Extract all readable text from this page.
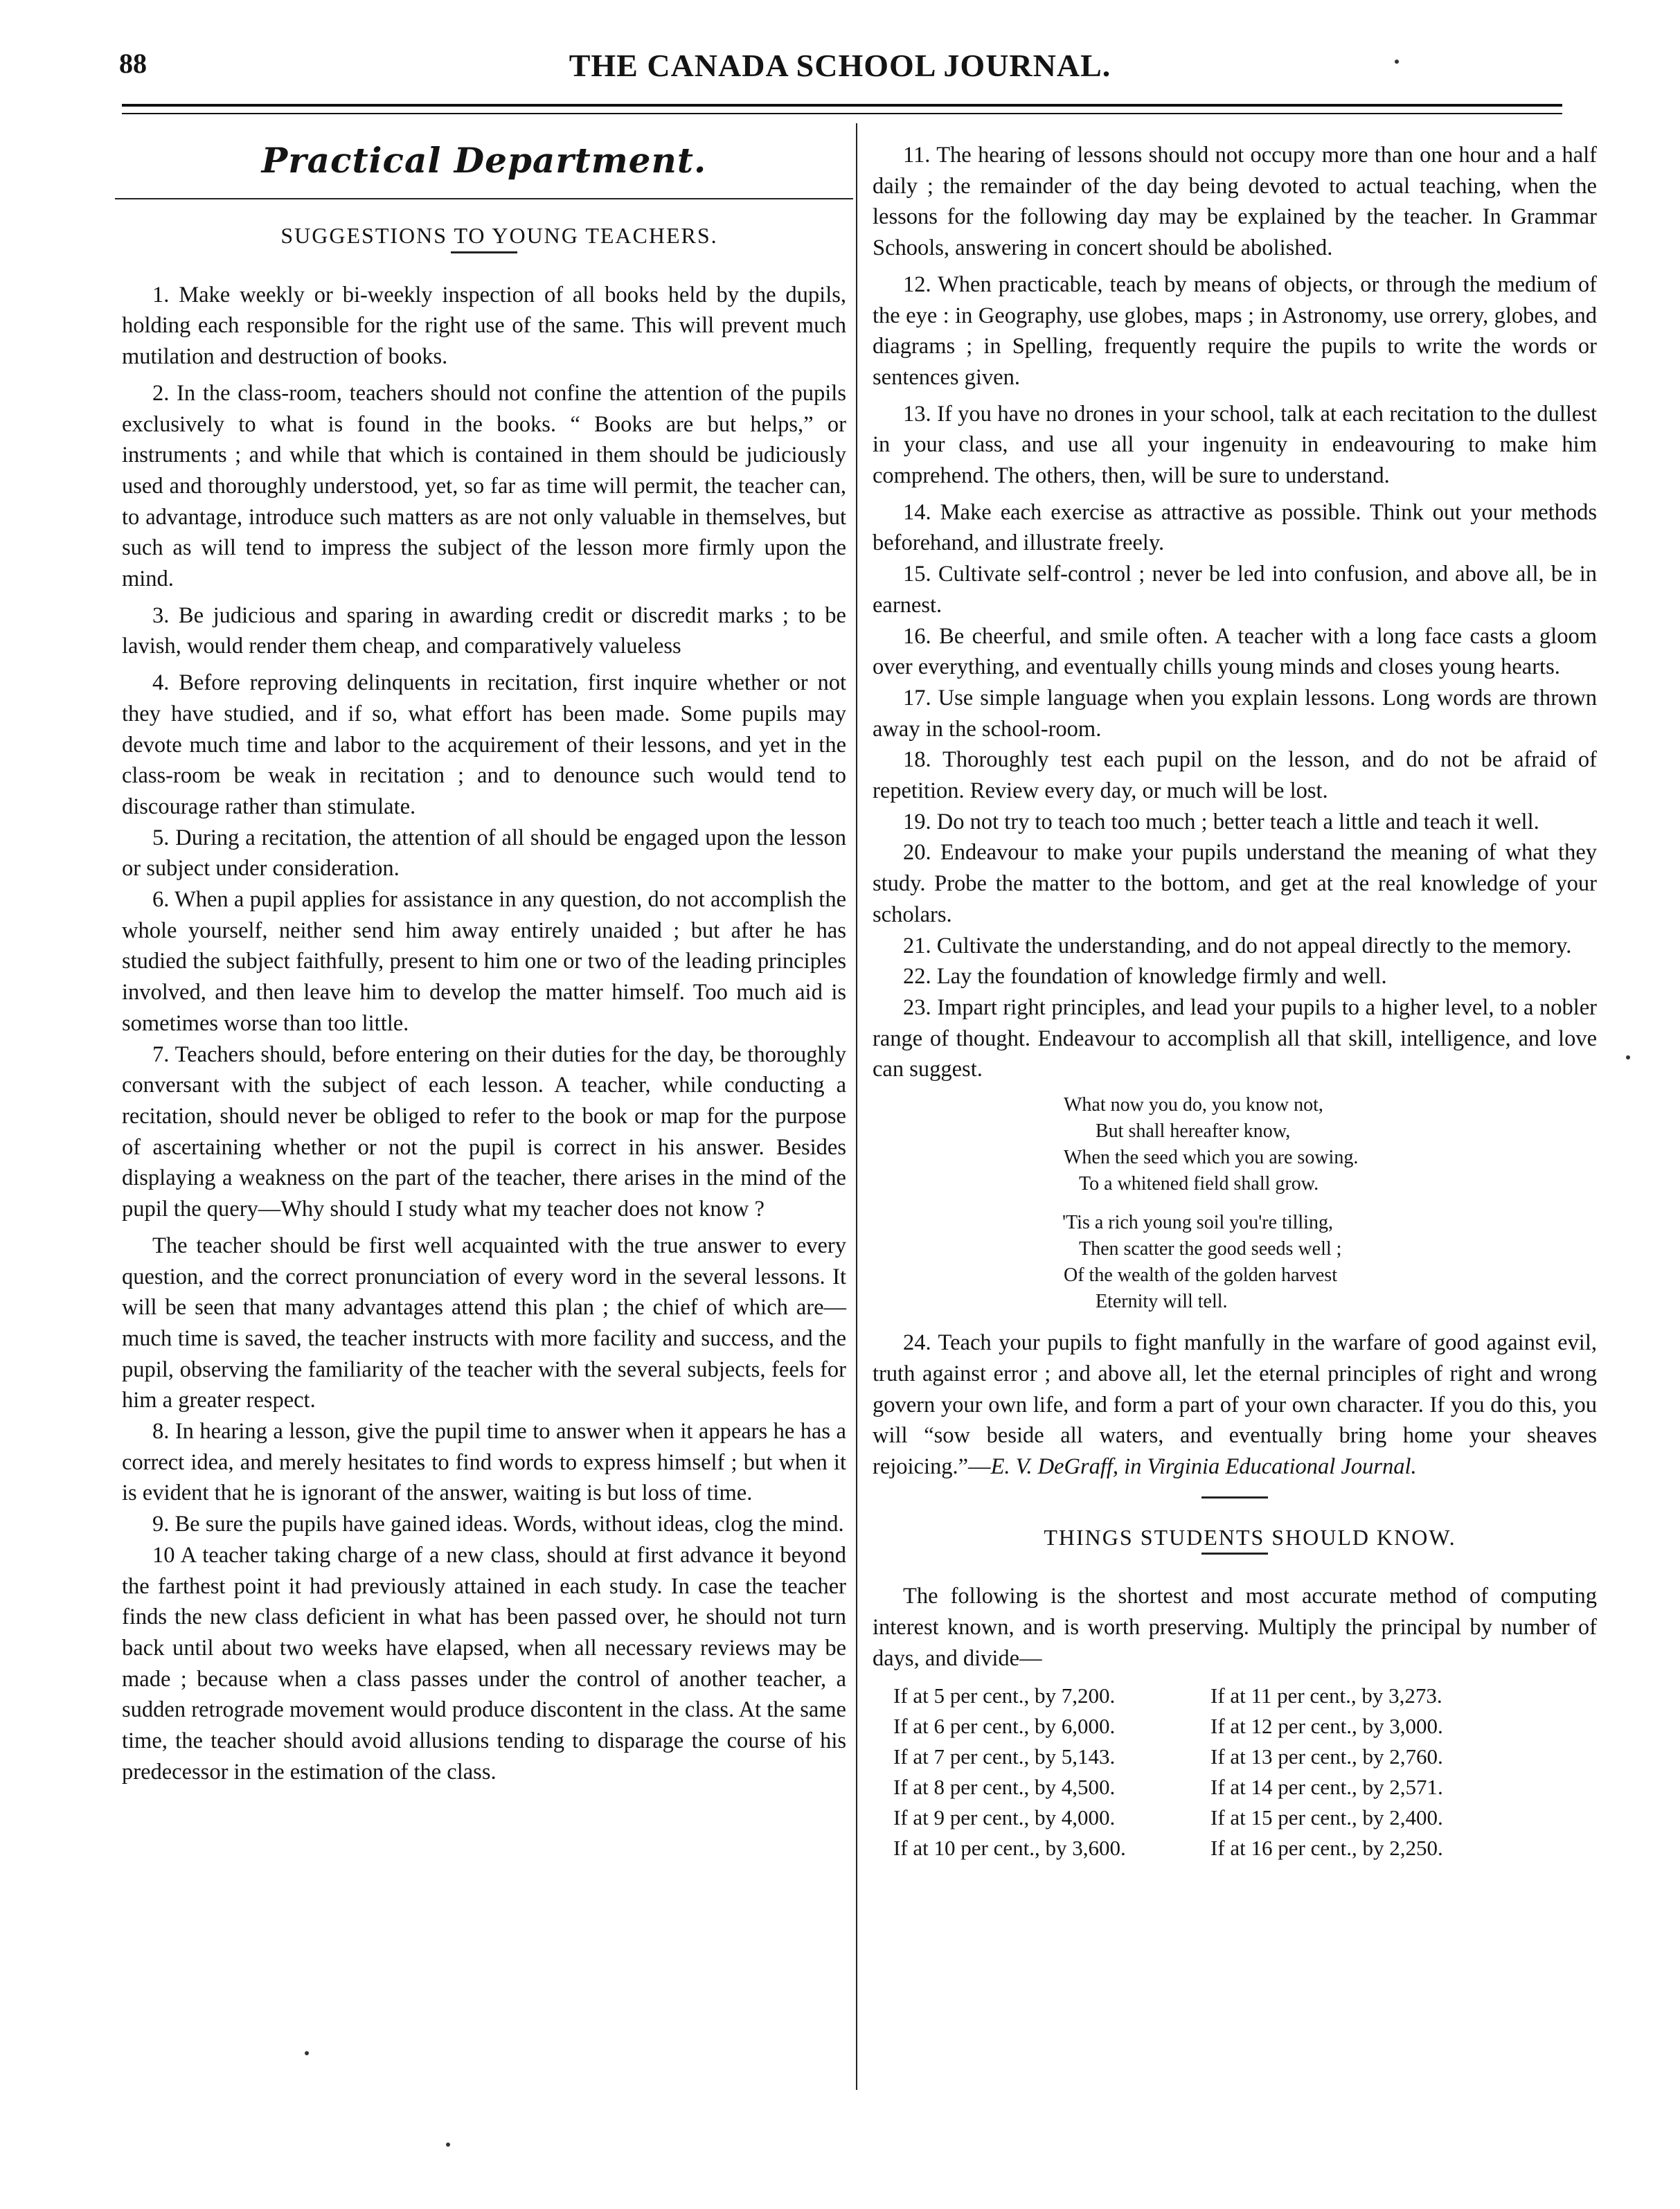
88	THE CANADA SCHOOL JOURNAL.
Practical Department.

SUGGESTIONS TO YOUNG TEACHERS.

1. Make weekly or bi-weekly inspection of all books held by the dupils, holding each responsible for the right use of the same. This will prevent much mutilation and destruction of books.

2. In the class-room, teachers should not confine the attention of the pupils exclusively to what is found in the books. “ Books are but helps,” or instruments ; and while that which is contained in them should be judiciously used and thoroughly understood, yet, so far as time will permit, the teacher can, to advantage, introduce such matters as are not only valuable in themselves, but such as will tend to impress the subject of the lesson more firmly upon the mind.

3. Be judicious and sparing in awarding credit or discredit marks ; to be lavish, would render them cheap, and comparatively valueless

4. Before reproving delinquents in recitation, first inquire whether or not they have studied, and if so, what effort has been made. Some pupils may devote much time and labor to the acquirement of their lessons, and yet in the class-room be weak in recitation ; and to denounce such would tend to discourage rather than stimulate.

5. During a recitation, the attention of all should be engaged upon the lesson or subject under consideration.

6. When a pupil applies for assistance in any question, do not accomplish the whole yourself, neither send him away entirely unaided ; but after he has studied the subject faithfully, present to him one or two of the leading principles involved, and then leave him to develop the matter himself. Too much aid is sometimes worse than too little.

7. Teachers should, before entering on their duties for the day, be thoroughly conversant with the subject of each lesson. A teacher, while conducting a recitation, should never be obliged to refer to the book or map for the purpose of ascertaining whether or not the pupil is correct in his answer. Besides displaying a weakness on the part of the teacher, there arises in the mind of the pupil the query—Why should I study what my teacher does not know ?

The teacher should be first well acquainted with the true answer to every question, and the correct pronunciation of every word in the several lessons. It will be seen that many advantages attend this plan ; the chief of which are—much time is saved, the teacher instructs with more facility and success, and the pupil, observing the familiarity of the teacher with the several subjects, feels for him a greater respect.

8. In hearing a lesson, give the pupil time to answer when it appears he has a correct idea, and merely hesitates to find words to express himself ; but when it is evident that he is ignorant of the answer, waiting is but loss of time.

9. Be sure the pupils have gained ideas. Words, without ideas, clog the mind.

10 A teacher taking charge of a new class, should at first advance it beyond the farthest point it had previously attained in each study. In case the teacher finds the new class deficient in what has been passed over, he should not turn back until about two weeks have elapsed, when all necessary reviews may be made ; because when a class passes under the control of another teacher, a sudden retrograde movement would produce discontent in the class. At the same time, the teacher should avoid allusions tending to disparage the course of his predecessor in the estimation of the class.

11. The hearing of lessons should not occupy more than one hour and a half daily ; the remainder of the day being devoted to actual teaching, when the lessons for the following day may be explained by the teacher. In Grammar Schools, answering in concert should be abolished.

12. When practicable, teach by means of objects, or through the medium of the eye : in Geography, use globes, maps ; in Astronomy, use orrery, globes, and diagrams ; in Spelling, frequently require the pupils to write the words or sentences given.

13. If you have no drones in your school, talk at each recitation to the dullest in your class, and use all your ingenuity in endeavouring to make him comprehend. The others, then, will be sure to understand.

14. Make each exercise as attractive as possible. Think out your methods beforehand, and illustrate freely.

15. Cultivate self-control ; never be led into confusion, and above all, be in earnest.

16. Be cheerful, and smile often. A teacher with a long face casts a gloom over everything, and eventually chills young minds and closes young hearts.

17. Use simple language when you explain lessons. Long words are thrown away in the school-room.

18. Thoroughly test each pupil on the lesson, and do not be afraid of repetition. Review every day, or much will be lost.

19. Do not try to teach too much ; better teach a little and teach it well.

20. Endeavour to make your pupils understand the meaning of what they study. Probe the matter to the bottom, and get at the real knowledge of your scholars.

21. Cultivate the understanding, and do not appeal directly to the memory.

22. Lay the foundation of knowledge firmly and well.

23. Impart right principles, and lead your pupils to a higher level, to a nobler range of thought. Endeavour to accomplish all that skill, intelligence, and love can suggest.

What now you do, you know not,

But shall hereafter know,

When the seed which you are sowing.

To a whitened field shall grow.

'Tis a rich young soil you're tilling,

Then scatter the good seeds well ;

Of the wealth of the golden harvest

Eternity will tell.

24. Teach your pupils to fight manfully in the warfare of good against evil, truth against error ; and above all, let the eternal principles of right and wrong govern your own life, and form a part of your own character. If you do this, you will “sow beside all waters, and eventually bring home your sheaves rejoicing.”—E. V. DeGraff, in Virginia Educational Journal.

THINGS STUDENTS SHOULD KNOW.

The following is the shortest and most accurate method of computing interest known, and is worth preserving. Multiply the principal by number of days, and divide—

If at 5 per cent., by 7,200.	If at 11 per cent., by 3,273.
If at 6 per cent., by 6,000.	If at 12 per cent., by 3,000.
If at 7 per cent., by 5,143.	If at 13 per cent., by 2,760.
If at 8 per cent., by 4,500.	If at 14 per cent., by 2,571.
If at 9 per cent., by 4,000.	If at 15 per cent., by 2,400.
If at 10 per cent., by 3,600.	If at 16 per cent., by 2,250.
